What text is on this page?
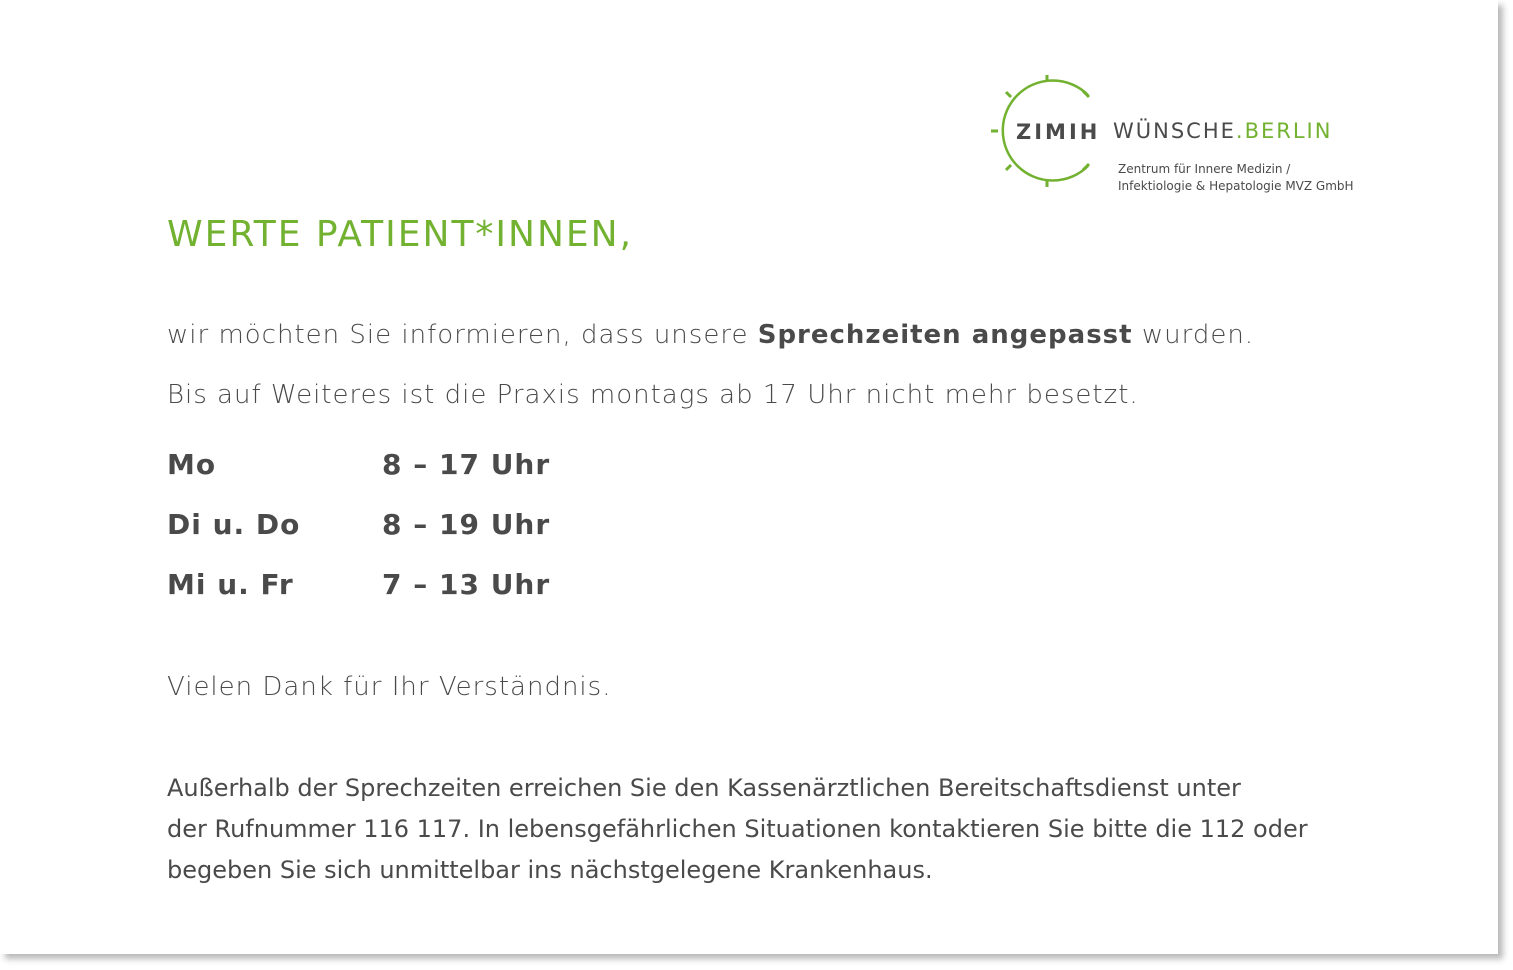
ZIMIH WÜNSCHE.BERLIN
Zentrum für Innere Medizin /
Infektiologie & Hepatologie MVZ GmbH
WERTE PATIENT*INNEN,
wir möchten Sie informieren, dass unsere Sprechzeiten angepasst wurden.
Bis auf Weiteres ist die Praxis montags ab 17 Uhr nicht mehr besetzt.
Mo	8 – 17 Uhr
Di u. Do	8 – 19 Uhr
Mi u. Fr	7 – 13 Uhr
Vielen Dank für Ihr Verständnis.
Außerhalb der Sprechzeiten erreichen Sie den Kassenärztlichen Bereitschaftsdienst unter
der Rufnummer 116 117. In lebensgefährlichen Situationen kontaktieren Sie bitte die 112 oder
begeben Sie sich unmittelbar ins nächstgelegene Krankenhaus.
